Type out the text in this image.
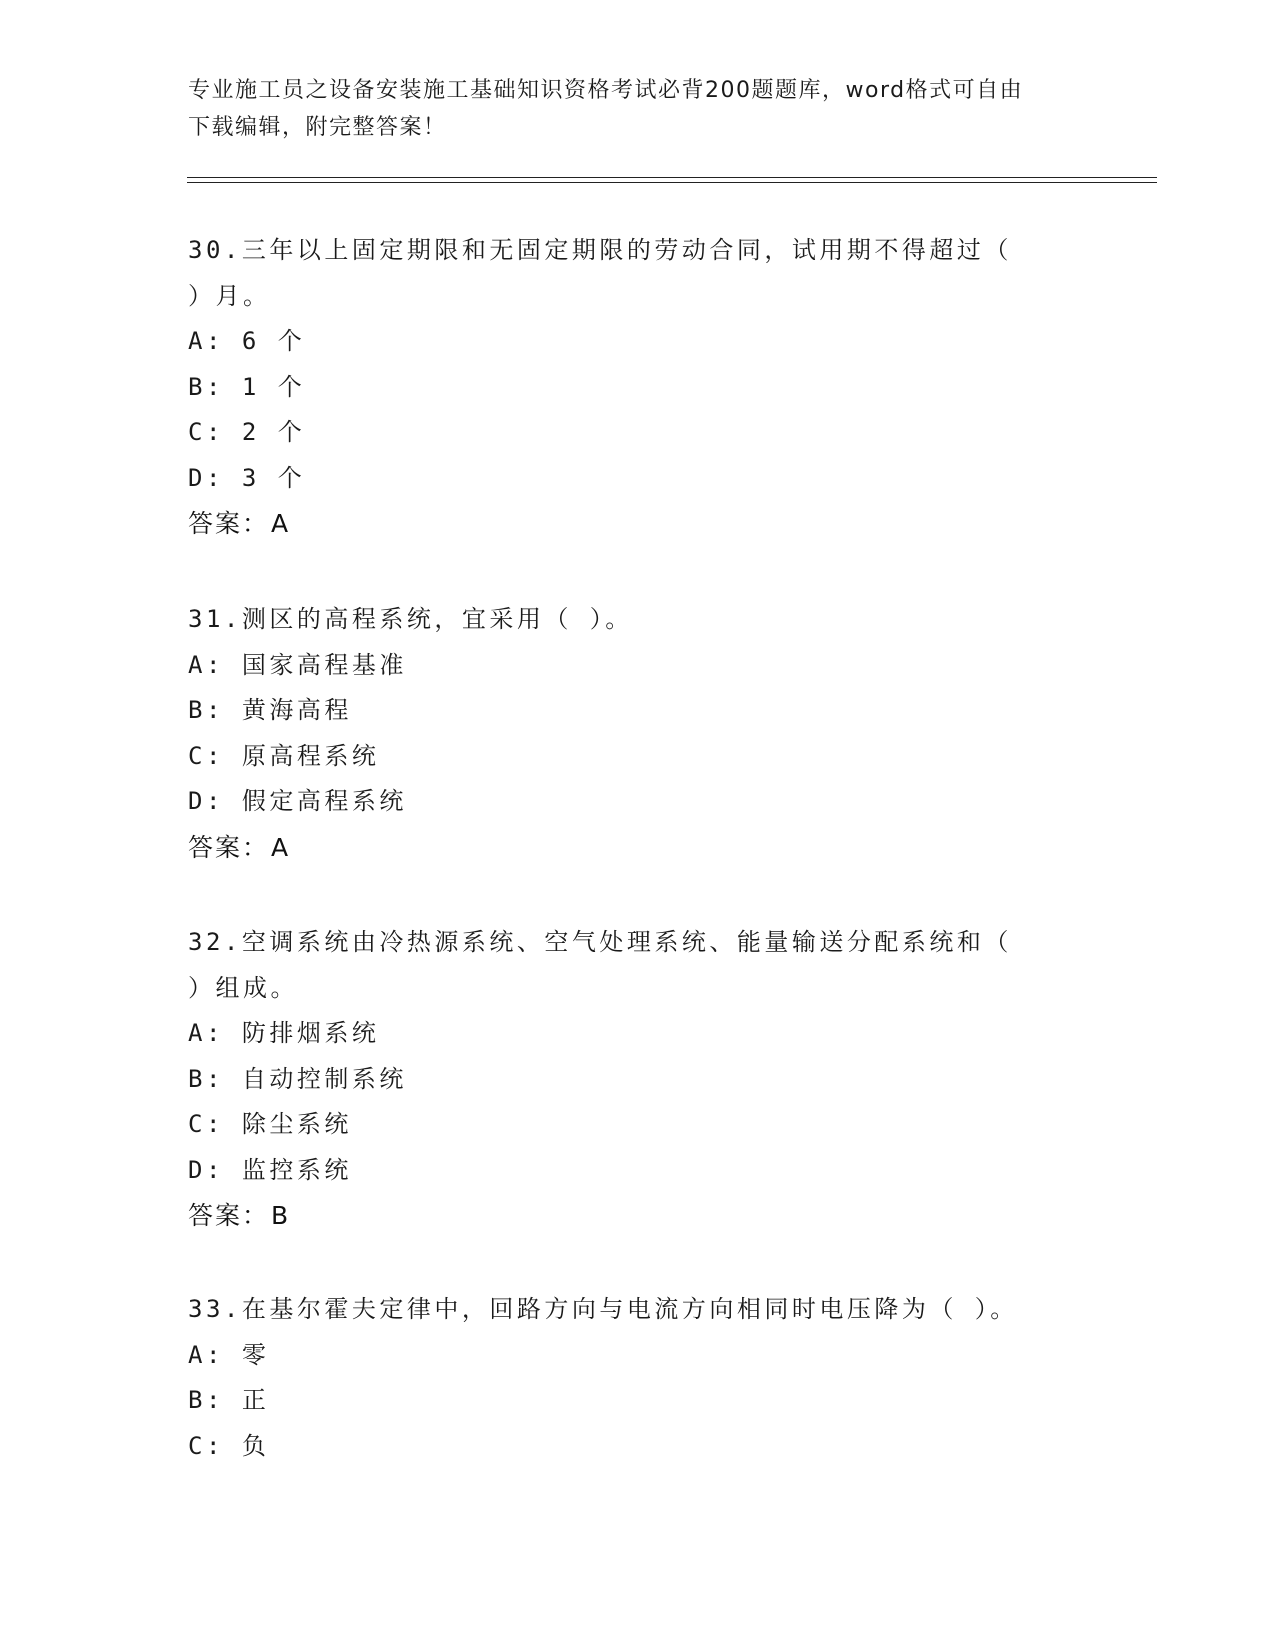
专业施工员之设备安装施工基础知识资格考试必背200题题库，word格式可自由
下载编辑，附完整答案！
30.三年以上固定期限和无固定期限的劳动合同，试用期不得超过（
）月。
A: 6 个
B: 1 个
C: 2 个
D: 3 个
答案：A
31.测区的高程系统，宜采用（ ）。
A: 国家高程基准
B: 黄海高程
C: 原高程系统
D: 假定高程系统
答案：A
32.空调系统由冷热源系统、空气处理系统、能量输送分配系统和（
）组成。
A: 防排烟系统
B: 自动控制系统
C: 除尘系统
D: 监控系统
答案：B
33.在基尔霍夫定律中，回路方向与电流方向相同时电压降为（ ）。
A: 零
B: 正
C: 负
